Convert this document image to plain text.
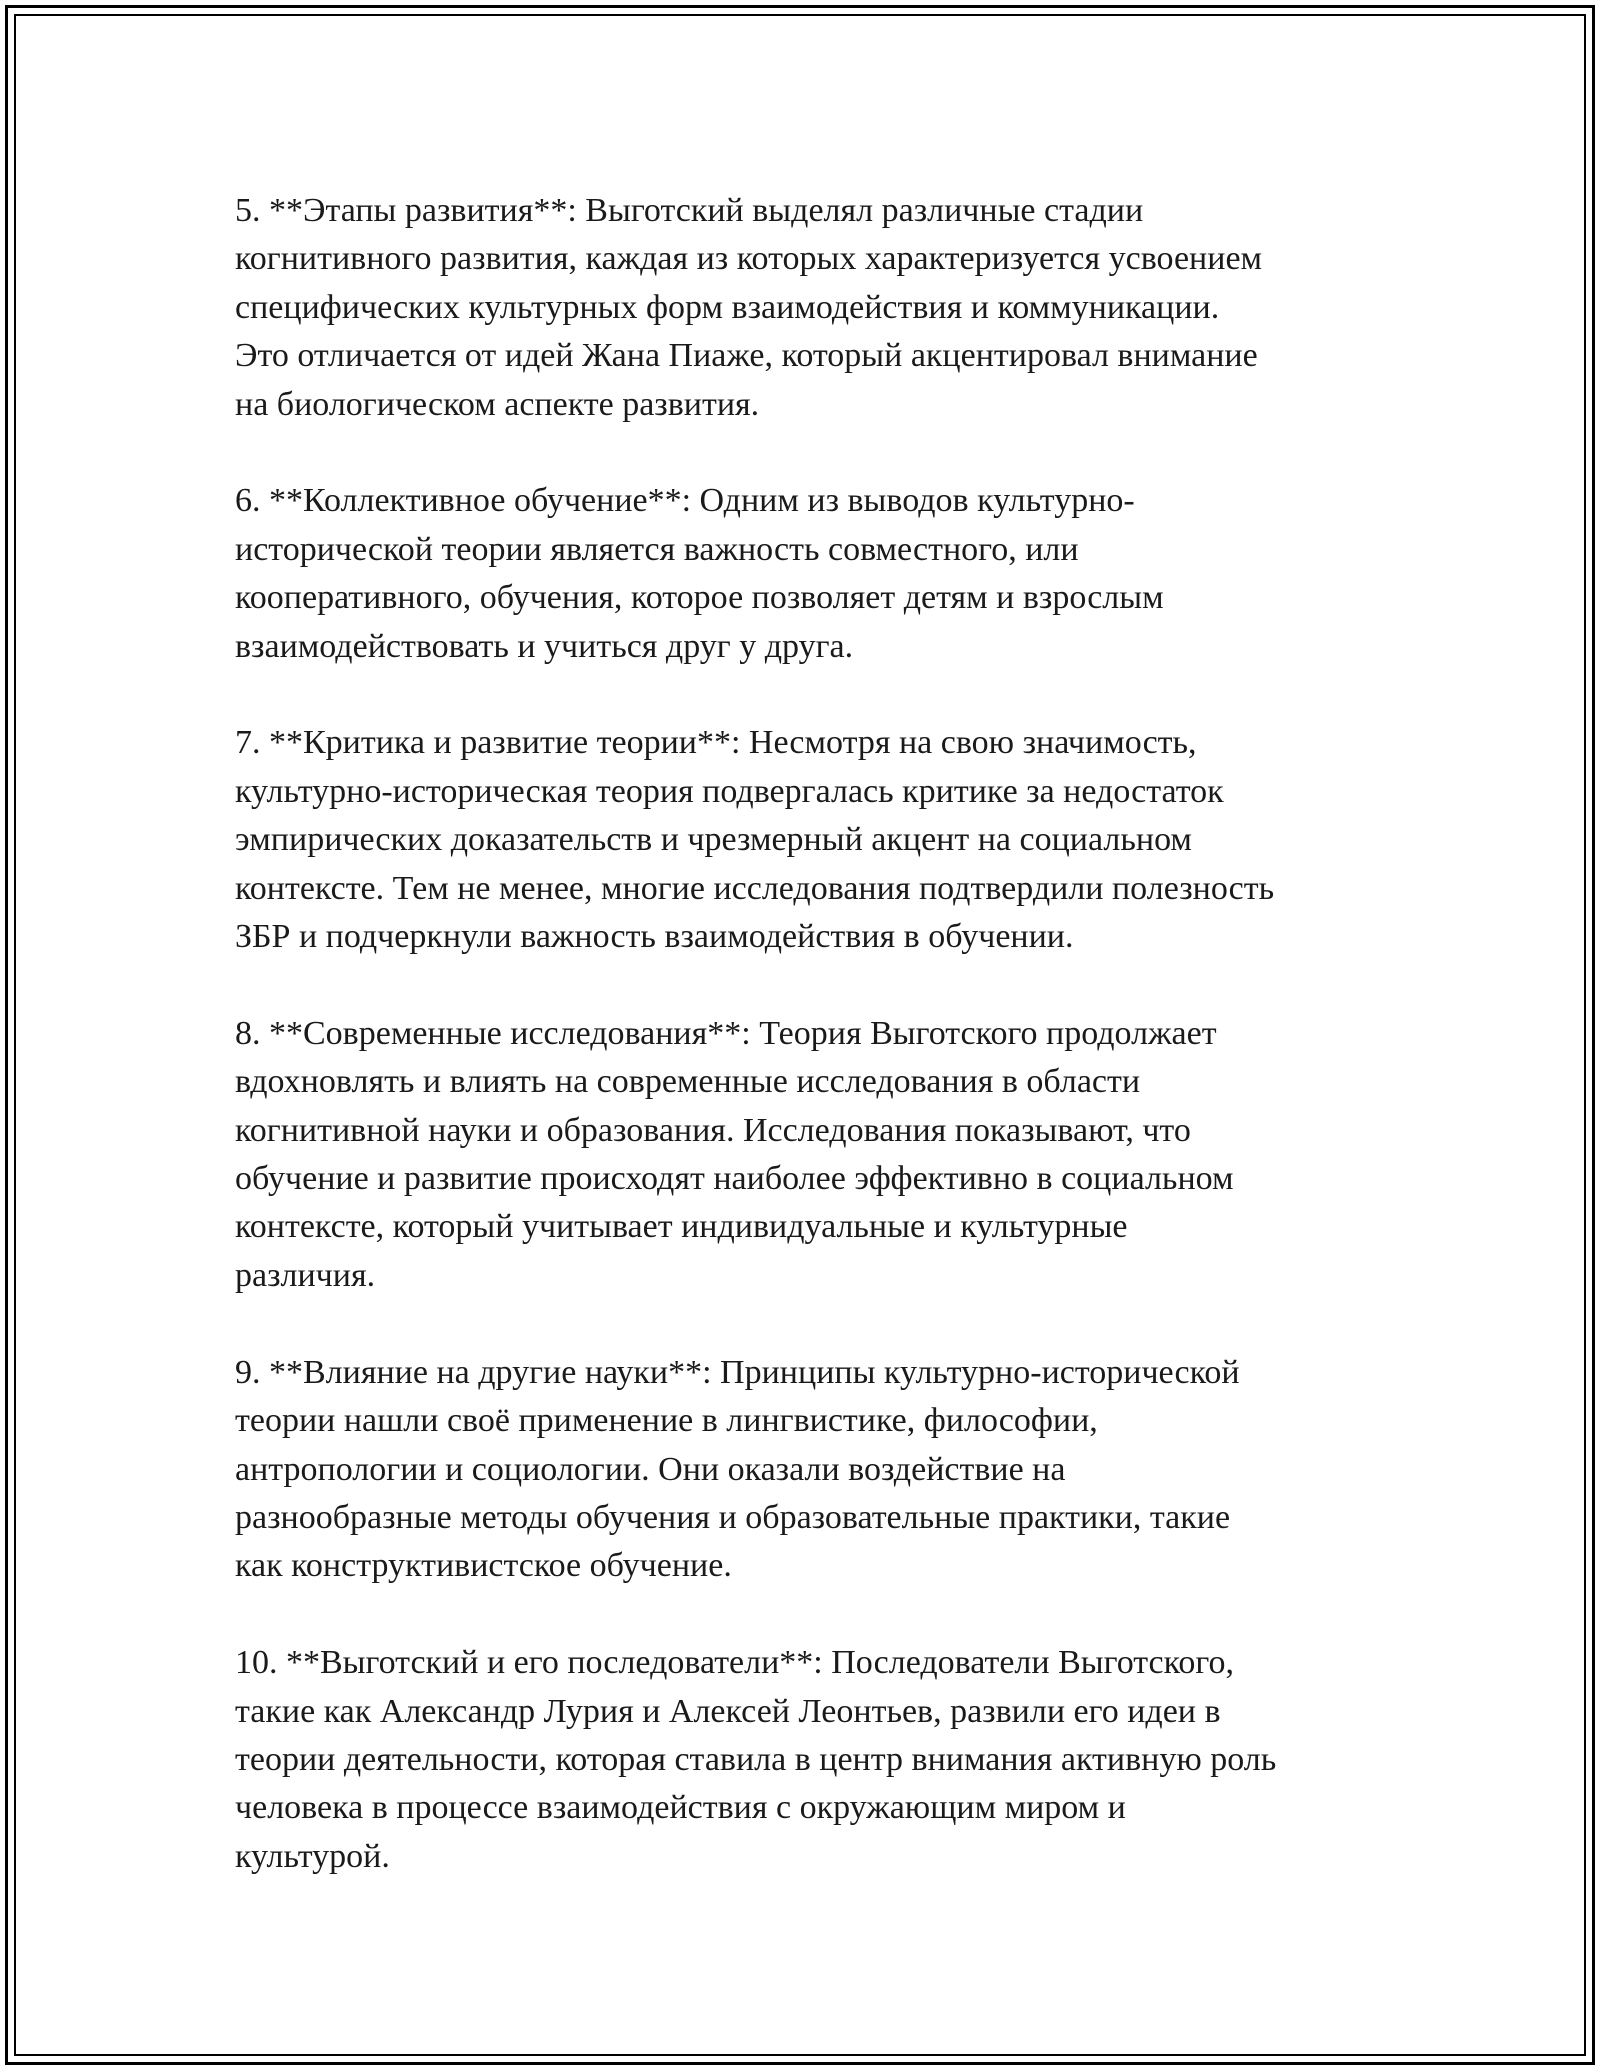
5. **Этапы развития**: Выготский выделял различные стадии
когнитивного развития, каждая из которых характеризуется усвоением
специфических культурных форм взаимодействия и коммуникации.
Это отличается от идей Жана Пиаже, который акцентировал внимание
на биологическом аспекте развития.

6. **Коллективное обучение**: Одним из выводов культурно-
исторической теории является важность совместного, или
кооперативного, обучения, которое позволяет детям и взрослым
взаимодействовать и учиться друг у друга.

7. **Критика и развитие теории**: Несмотря на свою значимость,
культурно-историческая теория подвергалась критике за недостаток
эмпирических доказательств и чрезмерный акцент на социальном
контексте. Тем не менее, многие исследования подтвердили полезность
ЗБР и подчеркнули важность взаимодействия в обучении.

8. **Современные исследования**: Теория Выготского продолжает
вдохновлять и влиять на современные исследования в области
когнитивной науки и образования. Исследования показывают, что
обучение и развитие происходят наиболее эффективно в социальном
контексте, который учитывает индивидуальные и культурные
различия.

9. **Влияние на другие науки**: Принципы культурно-исторической
теории нашли своё применение в лингвистике, философии,
антропологии и социологии. Они оказали воздействие на
разнообразные методы обучения и образовательные практики, такие
как конструктивистское обучение.

10. **Выготский и его последователи**: Последователи Выготского,
такие как Александр Лурия и Алексей Леонтьев, развили его идеи в
теории деятельности, которая ставила в центр внимания активную роль
человека в процессе взаимодействия с окружающим миром и
культурой.
